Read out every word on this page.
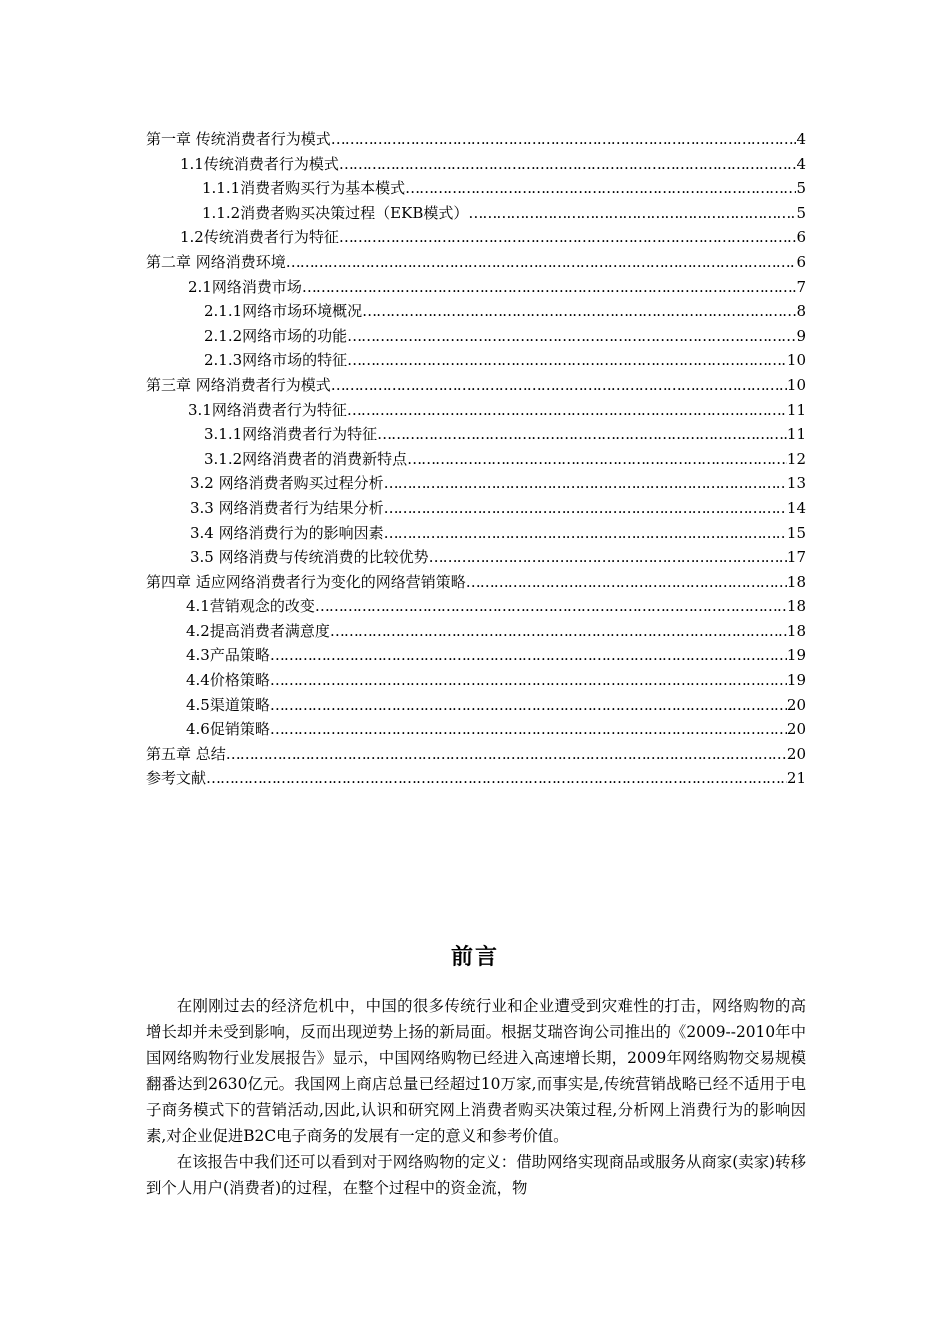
第一章 传统消费者行为模式 ………………………………………………………………………………………………………………………………………………………………………………………………………………	4
1.1传统消费者行为模式 ………………………………………………………………………………………………………………………………………………………………………………………………………………	4
1.1.1消费者购买行为基本模式 ………………………………………………………………………………………………………………………………………………………………………………………………………………	5
1.1.2消费者购买决策过程（EKB模式） ………………………………………………………………………………………………………………………………………………………………………………………………………………	5
1.2传统消费者行为特征 ………………………………………………………………………………………………………………………………………………………………………………………………………………	6
第二章 网络消费环境 ………………………………………………………………………………………………………………………………………………………………………………………………………………	6
2.1网络消费市场 ………………………………………………………………………………………………………………………………………………………………………………………………………………	7
2.1.1网络市场环境概况 ………………………………………………………………………………………………………………………………………………………………………………………………………………	8
2.1.2网络市场的功能 ………………………………………………………………………………………………………………………………………………………………………………………………………………	9
2.1.3网络市场的特征 ………………………………………………………………………………………………………………………………………………………………………………………………………………	10
第三章 网络消费者行为模式 ………………………………………………………………………………………………………………………………………………………………………………………………………………	10
3.1网络消费者行为特征 ………………………………………………………………………………………………………………………………………………………………………………………………………………	11
3.1.1网络消费者行为特征 ………………………………………………………………………………………………………………………………………………………………………………………………………………	11
3.1.2网络消费者的消费新特点 ………………………………………………………………………………………………………………………………………………………………………………………………………………	12
3.2 网络消费者购买过程分析 ………………………………………………………………………………………………………………………………………………………………………………………………………………	13
3.3 网络消费者行为结果分析 ………………………………………………………………………………………………………………………………………………………………………………………………………………	14
3.4 网络消费行为的影响因素 ………………………………………………………………………………………………………………………………………………………………………………………………………………	15
3.5 网络消费与传统消费的比较优势 ………………………………………………………………………………………………………………………………………………………………………………………………………………	17
第四章 适应网络消费者行为变化的网络营销策略 ………………………………………………………………………………………………………………………………………………………………………………………………………………	18
4.1营销观念的改变 ………………………………………………………………………………………………………………………………………………………………………………………………………………	18
4.2提高消费者满意度 ………………………………………………………………………………………………………………………………………………………………………………………………………………	18
4.3产品策略 ………………………………………………………………………………………………………………………………………………………………………………………………………………	19
4.4价格策略 ………………………………………………………………………………………………………………………………………………………………………………………………………………	19
4.5渠道策略 ………………………………………………………………………………………………………………………………………………………………………………………………………………	20
4.6促销策略 ………………………………………………………………………………………………………………………………………………………………………………………………………………	20
第五章 总结 ………………………………………………………………………………………………………………………………………………………………………………………………………………	20
参考文献 ………………………………………………………………………………………………………………………………………………………………………………………………………………	21
前言

在刚刚过去的经济危机中，中国的很多传统行业和企业遭受到灾难性的打击，网络购物的高增长却并未受到影响，反而出现逆势上扬的新局面。根据艾瑞咨询公司推出的《2009--2010年中国网络购物行业发展报告》显示，中国网络购物已经进入高速增长期，2009年网络购物交易规模翻番达到2630亿元。我国网上商店总量已经超过10万家,而事实是,传统营销战略已经不适用于电子商务模式下的营销活动,因此,认识和研究网上消费者购买决策过程,分析网上消费行为的影响因素,对企业促进B2C电子商务的发展有一定的意义和参考价值。

在该报告中我们还可以看到对于网络购物的定义：借助网络实现商品或服务从商家(卖家)转移到个人用户(消费者)的过程，在整个过程中的资金流，物
